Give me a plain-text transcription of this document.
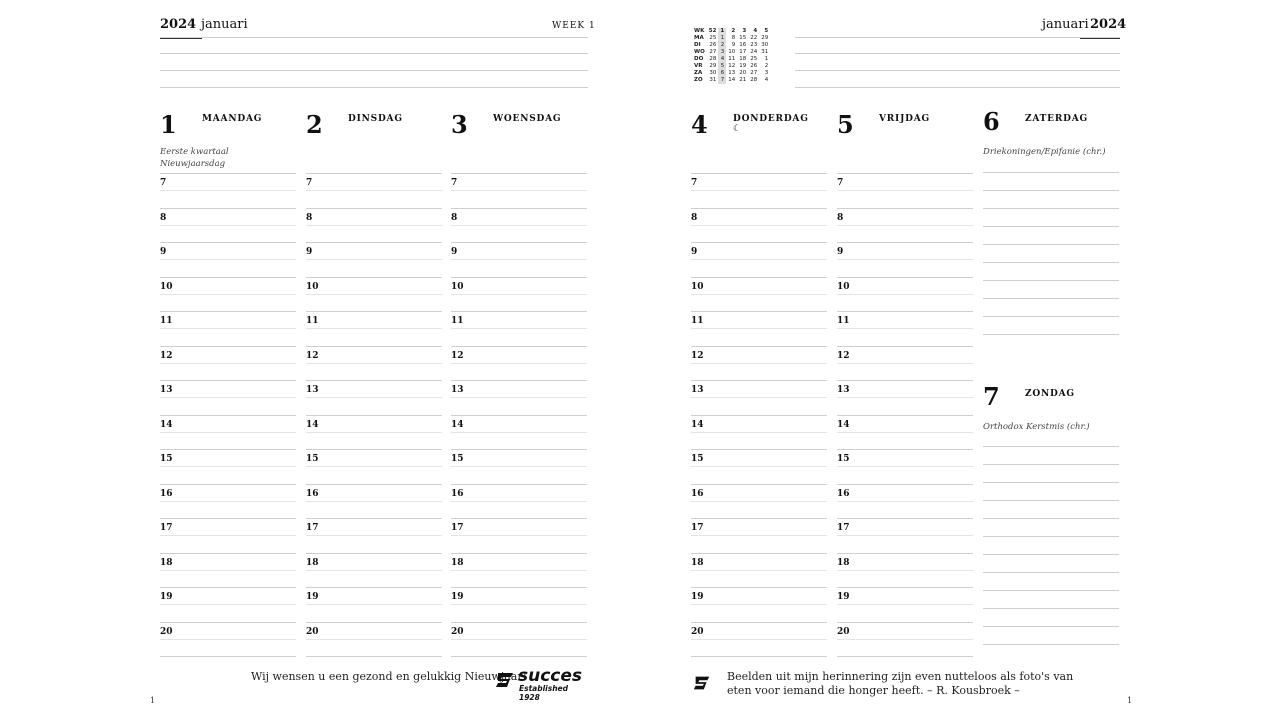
2024 januari	WEEK 1	januari 2024
WK	52	1	2	3	4	5
MA	25	1	8	15	22	29
DI	26	2	9	16	23	30
WO	27	3	10	17	24	31
DO	28	4	11	18	25	1
VR	29	5	12	19	26	2
ZA	30	6	13	20	27	3
ZO	31	7	14	21	28	4
1	MAANDAG
Eerste kwartaal
Nieuwjaarsdag
7
8
9
10
11
12
13
14
15
16
17
18
19
20
2	DINSDAG
7
8
9
10
11
12
13
14
15
16
17
18
19
20
3	WOENSDAG
7
8
9
10
11
12
13
14
15
16
17
18
19
20
4	DONDERDAG
☾
7
8
9
10
11
12
13
14
15
16
17
18
19
20
5	VRIJDAG
7
8
9
10
11
12
13
14
15
16
17
18
19
20
6	ZATERDAG
Driekoningen/Epifanie (chr.)
7	ZONDAG
Orthodox Kerstmis (chr.)
Wij wensen u een gezond en gelukkig Nieuwjaar!
succes
Established 1928
1
Beelden uit mijn herinnering zijn even nutteloos als foto's van eten voor iemand die honger heeft. – R. Kousbroek –
1
